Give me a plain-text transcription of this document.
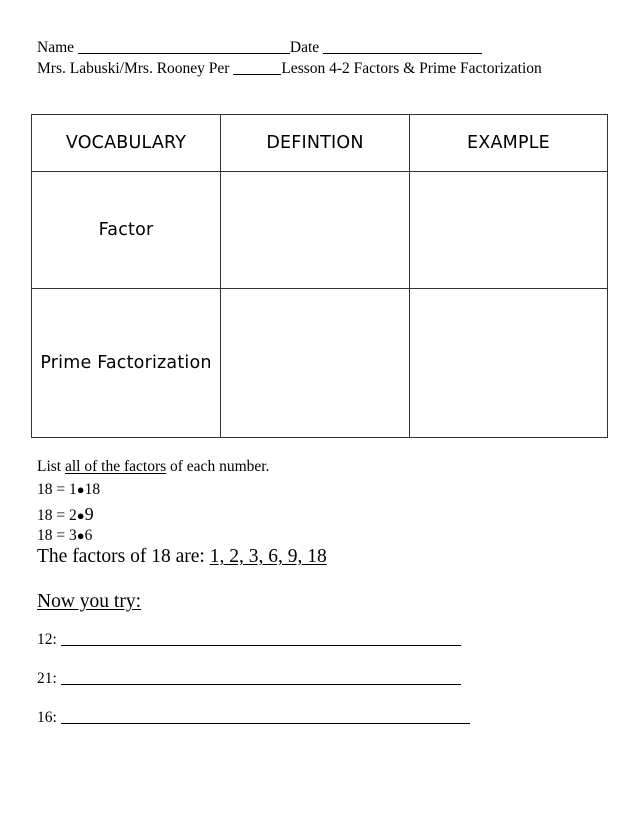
Name	Date
Mrs. Labuski/Mrs. Rooney Per	Lesson 4-2 Factors & Prime Factorization
VOCABULARY	DEFINTION	EXAMPLE
Factor		
Prime Factorization		
List all of the factors of each number.
18 = 1●18
18 = 2●9
18 = 3●6
The factors of 18 are: 1, 2, 3, 6, 9, 18
Now you try:
12:
21:
16:
